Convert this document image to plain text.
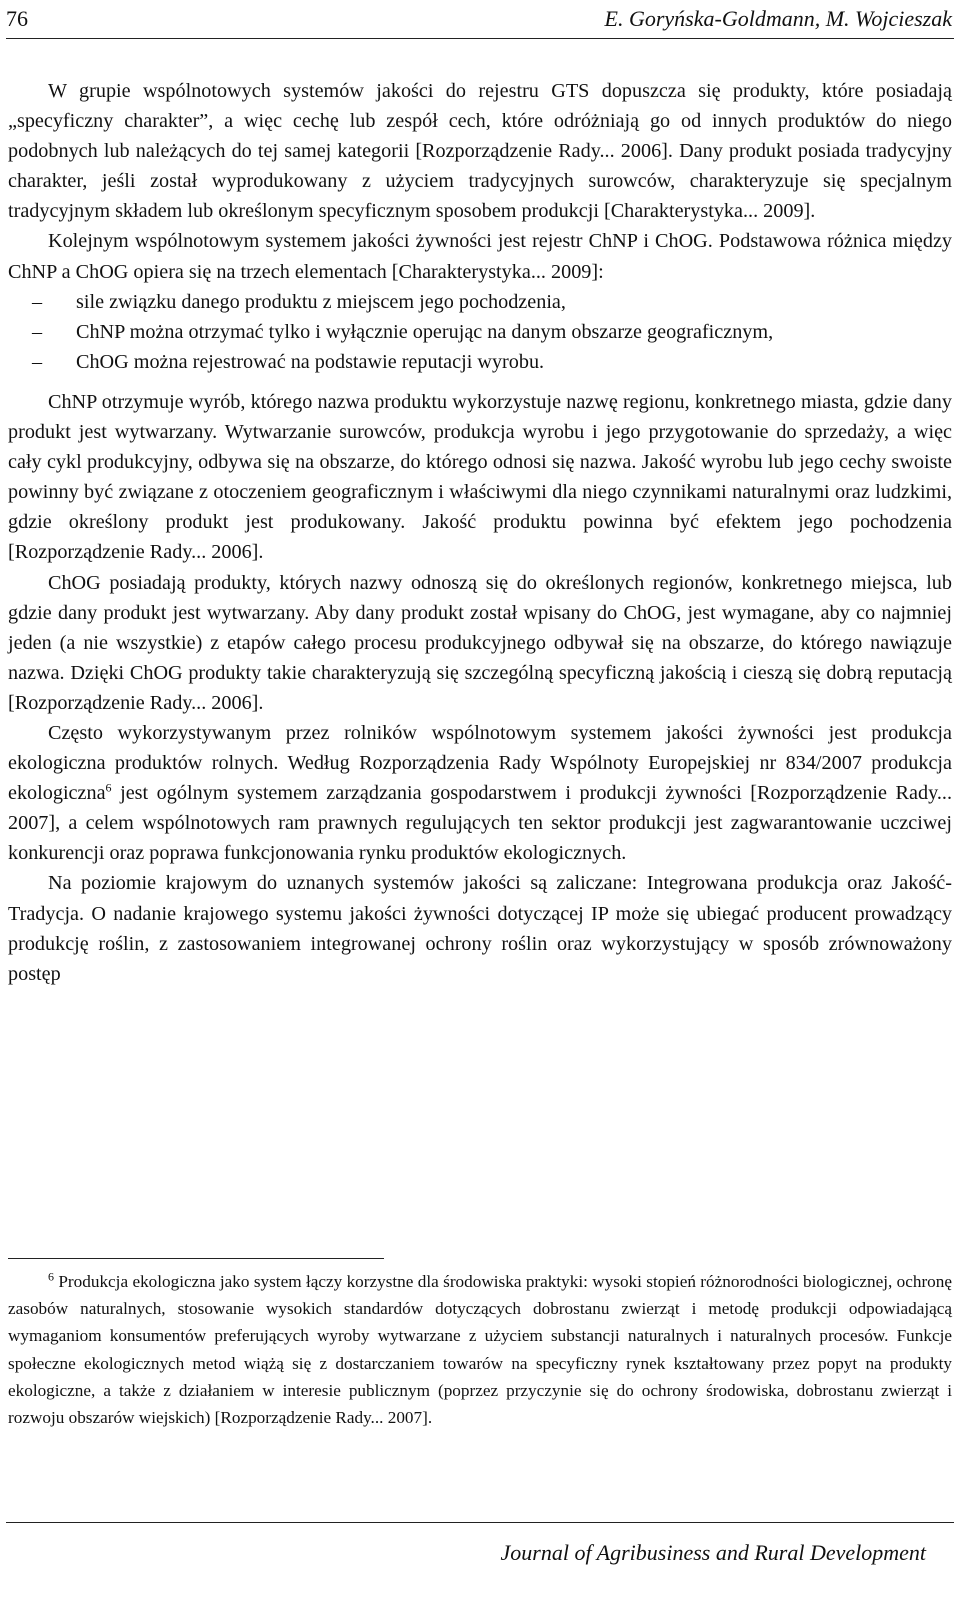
76	E. Goryńska-Goldmann, M. Wojcieszak

W grupie wspólnotowych systemów jakości do rejestru GTS dopuszcza się produkty, które posiadają „specyficzny charakter”, a więc cechę lub zespół cech, które odróżniają go od innych produktów do niego podobnych lub należących do tej samej kategorii [Rozporządzenie Rady... 2006]. Dany produkt posiada tradycyjny charakter, jeśli został wyprodukowany z użyciem tradycyjnych surowców, charakteryzuje się specjalnym tradycyjnym składem lub określonym specyficznym sposobem produkcji [Charakterystyka... 2009].

Kolejnym wspólnotowym systemem jakości żywności jest rejestr ChNP i ChOG. Podstawowa różnica między ChNP a ChOG opiera się na trzech elementach [Charakterystyka... 2009]:

– sile związku danego produktu z miejscem jego pochodzenia,
– ChNP można otrzymać tylko i wyłącznie operując na danym obszarze geograficznym,
– ChOG można rejestrować na podstawie reputacji wyrobu.

ChNP otrzymuje wyrób, którego nazwa produktu wykorzystuje nazwę regionu, konkretnego miasta, gdzie dany produkt jest wytwarzany. Wytwarzanie surowców, produkcja wyrobu i jego przygotowanie do sprzedaży, a więc cały cykl produkcyjny, odbywa się na obszarze, do którego odnosi się nazwa. Jakość wyrobu lub jego cechy swoiste powinny być związane z otoczeniem geograficznym i właściwymi dla niego czynnikami naturalnymi oraz ludzkimi, gdzie określony produkt jest produkowany. Jakość produktu powinna być efektem jego pochodzenia [Rozporządzenie Rady... 2006].

ChOG posiadają produkty, których nazwy odnoszą się do określonych regionów, konkretnego miejsca, lub gdzie dany produkt jest wytwarzany. Aby dany produkt został wpisany do ChOG, jest wymagane, aby co najmniej jeden (a nie wszystkie) z etapów całego procesu produkcyjnego odbywał się na obszarze, do którego nawiązuje nazwa. Dzięki ChOG produkty takie charakteryzują się szczególną specyficzną jakością i cieszą się dobrą reputacją [Rozporządzenie Rady... 2006].

Często wykorzystywanym przez rolników wspólnotowym systemem jakości żywności jest produkcja ekologiczna produktów rolnych. Według Rozporządzenia Rady Wspólnoty Europejskiej nr 834/2007 produkcja ekologiczna$^6$ jest ogólnym systemem zarządzania gospodarstwem i produkcji żywności [Rozporządzenie Rady... 2007], a celem wspólnotowych ram prawnych regulujących ten sektor produkcji jest zagwarantowanie uczciwej konkurencji oraz poprawa funkcjonowania rynku produktów ekologicznych.

Na poziomie krajowym do uznanych systemów jakości są zaliczane: Integrowana produkcja oraz Jakość-Tradycja. O nadanie krajowego systemu jakości żywności dotyczącej IP może się ubiegać producent prowadzący produkcję roślin, z zastosowaniem integrowanej ochrony roślin oraz wykorzystujący w sposób zrównoważony postęp

$^6$ Produkcja ekologiczna jako system łączy korzystne dla środowiska praktyki: wysoki stopień różnorodności biologicznej, ochronę zasobów naturalnych, stosowanie wysokich standardów dotyczących dobrostanu zwierząt i metodę produkcji odpowiadającą wymaganiom konsumentów preferujących wyroby wytwarzane z użyciem substancji naturalnych i naturalnych procesów. Funkcje społeczne ekologicznych metod wiążą się z dostarczaniem towarów na specyficzny rynek kształtowany przez popyt na produkty ekologiczne, a także z działaniem w interesie publicznym (poprzez przyczynie się do ochrony środowiska, dobrostanu zwierząt i rozwoju obszarów wiejskich) [Rozporządzenie Rady... 2007].

Journal of Agribusiness and Rural Development
